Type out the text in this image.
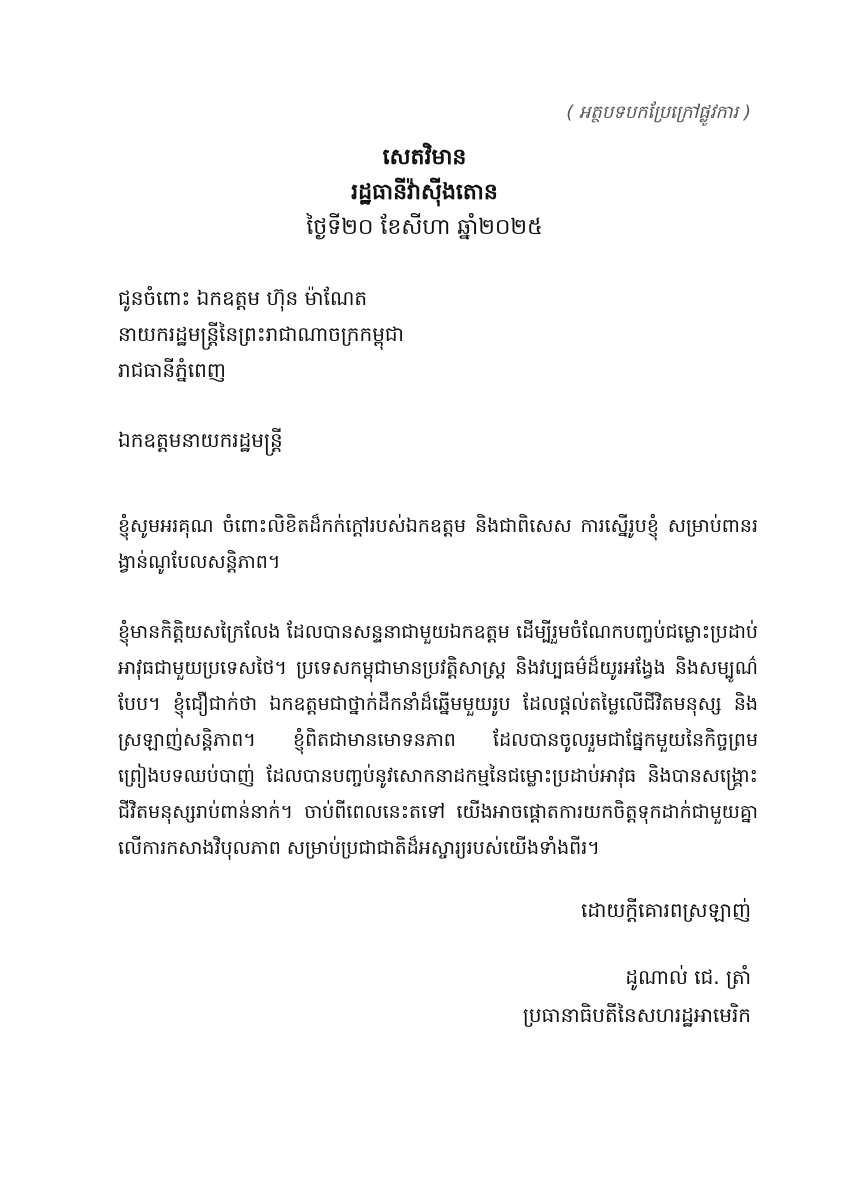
( អត្ថបទបកប្រែក្រៅផ្លូវការ )
សេតវិមាន
រដ្ឋធានីវ៉ាស៊ីងតោន
ថ្ងៃទី២០ ខែសីហា ឆ្នាំ២០២៥
ជូនចំពោះ ឯកឧត្តម ហ៊ុន ម៉ាណែត
នាយករដ្ឋមន្ត្រីនៃព្រះរាជាណាចក្រកម្ពុជា
រាជធានីភ្នំពេញ
ឯកឧត្តមនាយករដ្ឋមន្ត្រី
ខ្ញុំសូមអរគុណ ចំពោះលិខិតដ៏កក់ក្ដៅរបស់ឯកឧត្តម និងជាពិសេស ការស្នើរូបខ្ញុំ សម្រាប់ពានរង្វាន់ណូបែលសន្តិភាព។
ខ្ញុំមានកិត្តិយសក្រៃលែង ដែលបានសន្ទនាជាមួយឯកឧត្តម ដើម្បីរួមចំណែកបញ្ចប់ជម្លោះប្រដាប់អាវុធជាមួយប្រទេសថៃ។ ប្រទេសកម្ពុជាមានប្រវត្តិសាស្ត្រ និងវប្បធម៌ដ៏យូរអង្វែង និងសម្បូណ៌បែប។ ខ្ញុំជឿជាក់ថា ឯកឧត្តមជាថ្នាក់ដឹកនាំដ៏ឆ្នើមមួយរូប ដែលផ្ដល់តម្លៃលើជីវិតមនុស្ស និងស្រឡាញ់សន្តិភាព។ ខ្ញុំពិតជាមានមោទនភាព ដែលបានចូលរួមជាផ្នែកមួយនៃកិច្ចព្រមព្រៀងបទឈប់បាញ់ ដែលបានបញ្ចប់នូវសោកនាដកម្មនៃជម្លោះប្រដាប់អាវុធ និងបានសង្គ្រោះជីវិតមនុស្សរាប់ពាន់នាក់។ ចាប់ពីពេលនេះតទៅ យើងអាចផ្ដោតការយកចិត្តទុកដាក់ជាមួយគ្នាលើការកសាងវិបុលភាព សម្រាប់ប្រជាជាតិដ៏អស្ចារ្យរបស់យើងទាំងពីរ។
ដោយក្ដីគោរពស្រឡាញ់
ដូណាល់ ជេ. ត្រាំ
ប្រធានាធិបតីនៃសហរដ្ឋអាមេរិក
